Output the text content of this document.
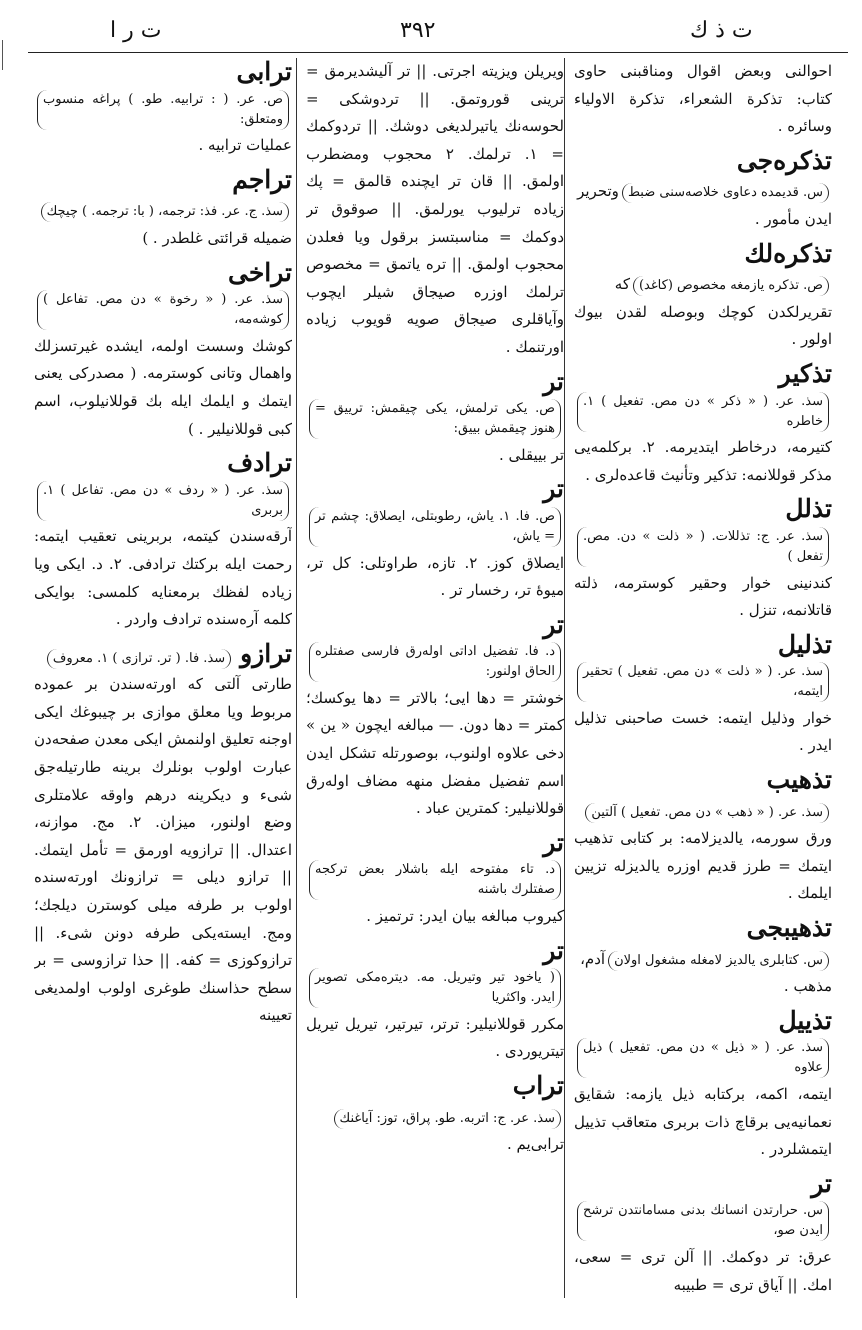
ت ر ا	٣٩٢	ت ذ ك
احوالنی وبعض اقوال ومناقبنی حاوی کتاب: تذکرة الشعراء، تذکرة الاولیاء وسائره .
تذکره‌جیس. قدیمده دعاوی خلاصه‌سنی ضبطوتحریر ایدن مأمور .
تذکره‌لكص. تذکره یازمغه مخصوص (کاغد)که تقریرلکدن کوچك وبوصله لقدن بیوك اولور .
تذکیرسذ. عر. ( « ذکر » دن مص. تفعیل ) ١. خاطرهکتیرمه، درخاطر ایتدیرمه. ٢. برکلمه‌یی مذکر قوللانمه: تذکیر وتأنیث قاعده‌لری .
تذللسذ. عر. ج: تذللات. ( « ذلت » دن. مص. تفعل )کندنینی خوار وحقیر کوسترمه، ذلته قاتلانمه، تنزل .
تذلیلسذ. عر. ( « ذلت » دن مص. تفعیل ) تحقیر ایتمه،خوار وذلیل ایتمه: خست صاحبنی تذلیل ایدر .
تذهیبسذ. عر. ( « ذهب » دن مص. تفعیل ) آلتینورق سورمه، یالدیزلامه: بر کتابی تذهیب ایتمك = طرز قدیم اوزره یالدیزله تزیین ایلمك .
تذهیبجیس. کتابلری یالدیز لامغله مشغول اولانآدم، مذهب .
تذییلسذ. عر. ( « ذیل » دن مص. تفعیل ) ذیل علاوهایتمه، اکمه، برکتابه ذیل یازمه: شقایق نعمانیه‌یی برقاچ ذات بربری متعاقب تذییل ایتمشلردر .
ترس. حرارتدن انسانك بدنی مسامانتدن ترشح ایدن صو،عرق: تر دوکمك. || آلن تری = سعی، امك. || آیاق تری = طبیبه
ویریلن ویزیته اجرتی. || تر آلیشدیرمق = ترینی قوروتمق. || تردوشکی = لحوسه‌نك یاتیرلدیغی دوشك. || تردوکمك = ١. ترلمك. ٢ محجوب ومضطرب اولمق. || قان تر ایچنده قالمق = پك زیاده ترلیوب یورلمق. || صوقوق تر دوکمك = مناسبتسز برقول ویا فعلدن محجوب اولمق. || تره یاتمق = مخصوص ترلمك اوزره صیجاق شیلر ایچوب وآیاقلری صیجاق صویه قویوب زیاده اورتنمك .
ترص. یکی ترلمش، یکی چیقمش: ترییق = هنوز چیقمش بییق:تر بییقلی .
ترص. فا. ١. یاش، رطوبتلی، ایصلاق: چشم تر = یاش،ایصلاق کوز. ٢. تازه، طراوتلی: کل تر، میوهٔ تر، رخسار تر .
ترد. فا. تفضیل اداتی اولەرق فارسی صفتلره الحاق اولنور:خوشتر = دها ایی؛ بالاتر = دها یوکسك؛ کمتر = دها دون. — مبالغه ایچون « ین » دخی علاوه اولنوب، بوصورتله تشکل ایدن اسم تفضیل مفضل منهه مضاف اوله‌رق قوللانیلیر: کمترین عباد .
ترد. تاء مفتوحه ایله باشلار بعض ترکجه صفتلرك باشنهکیروب مبالغه بیان ایدر: ترتمیز .
تر( یاخود تیر وتیریل. مه. دیتره‌مکی تصویر ایدر. واکثریامکرر قوللانیلیر: ترتر، تیرتیر، تیریل تیریل تیتریوردی .
ترابسذ. عر. ج: اتربه. طو. پراق، توز: آیاغنكترابی‌یم .
ترابیص. عر. ( : ترابیه. طو. ) پراغه منسوب ومتعلق:عملیات ترابیه .
تراجمسذ. ج. عر. فذ: ترجمه، ( با: ترجمه. ) چیچكضمیله قرائتی غلطدر . )
تراخیسذ. عر. ( « رخوة » دن مص. تفاعل ) کوشه‌مه،کوشك وسست اولمه، ایشده غیرتسزلك واهمال وتانی کوسترمه. ( مصدرکی یعنی ایتمك و ایلمك ایله بك قوللانیلوب، اسم کبی قوللانیلیر . )
ترادفسذ. عر. ( « ردف » دن مص. تفاعل ) ١. بربریآرقه‌سندن کیتمه، بربرینی تعقیب ایتمه: رحمت ایله برکتك ترادفی. ٢. د. ایکی ویا زیاده لفظك برمعنایه کلمسی: بوایکی کلمه آره‌سنده ترادف واردر .
ترازوسذ. فا. ( تر. ترازی ) ١. معروفطارتی آلتی که اورته‌سندن بر عموده مربوط ویا معلق موازی بر چیبوغك ایکی اوجنه تعلیق اولنمش ایکی معدن صفحه‌دن عبارت اولوب بونلرك برینه طارتیله‌جق شیء و دیکرینه درهم واوقه علامتلری وضع اولنور، میزان. ٢. مج. موازنه، اعتدال. || ترازویه اورمق = تأمل ایتمك. || ترازو دیلی = ترازونك اورته‌سنده اولوب بر طرفه میلی کوسترن دیلجك؛ ومج. ایسته‌یکی طرفه دونن شیء. || ترازوکوزی = کفه. || حذا ترازوسی = بر سطح حذاسنك طوغری اولوب اولمدیغی تعیینه
